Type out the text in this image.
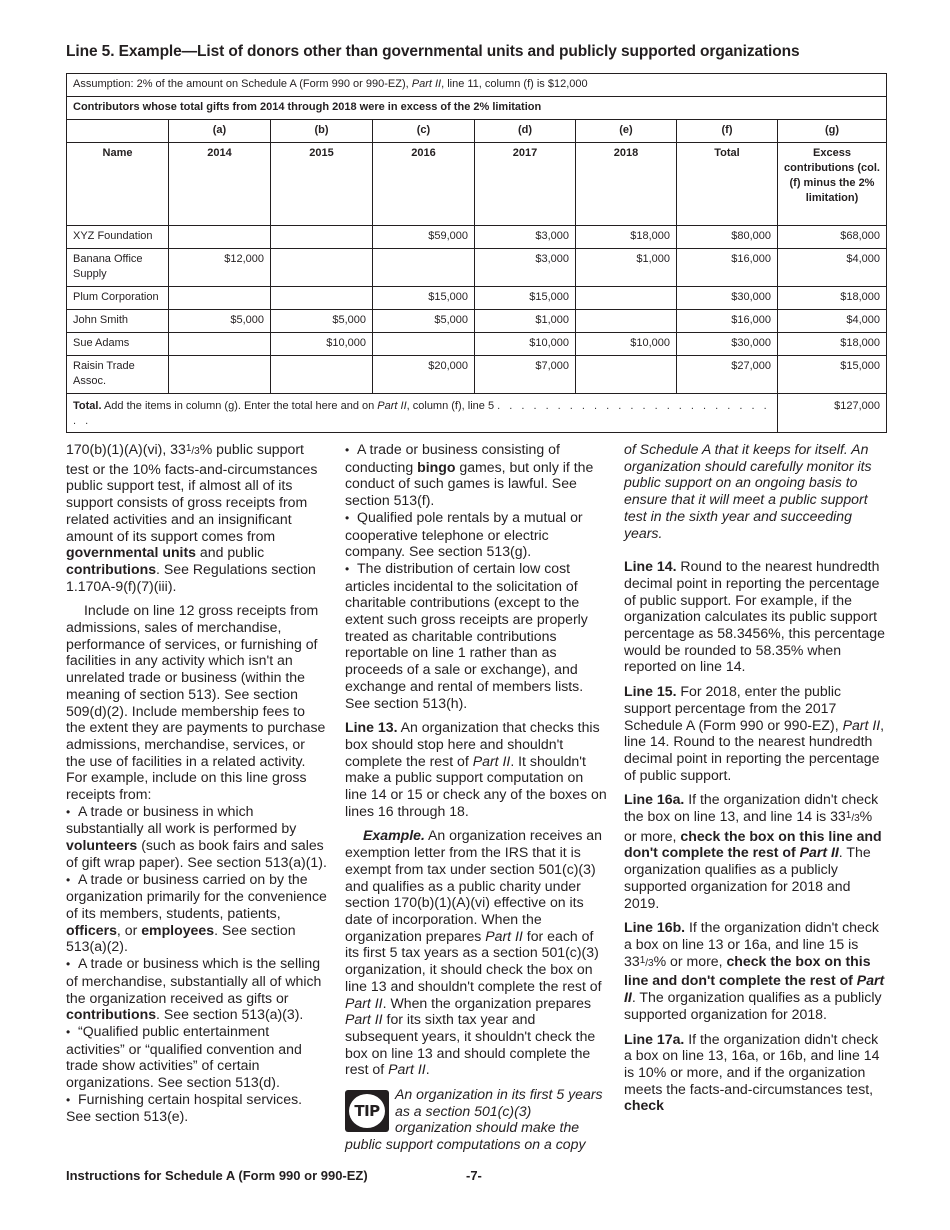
Line 5. Example—List of donors other than governmental units and publicly supported organizations
Assumption: 2% of the amount on Schedule A (Form 990 or 990-EZ), Part II, line 11, column (f) is $12,000							
Contributors whose total gifts from 2014 through 2018 were in excess of the 2% limitation							
	(a)	(b)	(c)	(d)	(e)	(f)	(g)
Name	2014	2015	2016	2017	2018	Total	Excess contributions (col. (f) minus the 2% limitation)
XYZ Foundation			$59,000	$3,000	$18,000	$80,000	$68,000
Banana Office Supply	$12,000			$3,000	$1,000	$16,000	$4,000
Plum Corporation			$15,000	$15,000		$30,000	$18,000
John Smith	$5,000	$5,000	$5,000	$1,000		$16,000	$4,000
Sue Adams		$10,000		$10,000	$10,000	$30,000	$18,000
Raisin Trade Assoc.			$20,000	$7,000		$27,000	$15,000
Total. Add the items in column (g). Enter the total here and on Part II, column (f), line 5 . . . . . . . . . . . . . . . . . . . . . . . . .							$127,000

170(b)(1)(A)(vi), $33^1/3\%$ public support test or the 10% facts-and-circumstances public support test, if almost all of its support consists of gross receipts from related activities and an insignificant amount of its support comes from governmental units and public contributions. See Regulations section 1.170A-9(f)(7)(iii).

Include on line 12 gross receipts from admissions, sales of merchandise, performance of services, or furnishing of facilities in any activity which isn't an unrelated trade or business (within the meaning of section 513). See section 509(d)(2). Include membership fees to the extent they are payments to purchase admissions, merchandise, services, or the use of facilities in a related activity. For example, include on this line gross receipts from:

• A trade or business in which substantially all work is performed by volunteers (such as book fairs and sales of gift wrap paper). See section 513(a)(1).

• A trade or business carried on by the organization primarily for the convenience of its members, students, patients, officers, or employees. See section 513(a)(2).

• A trade or business which is the selling of merchandise, substantially all of which the organization received as gifts or contributions. See section 513(a)(3).

• “Qualified public entertainment activities” or “qualified convention and trade show activities” of certain organizations. See section 513(d).

• Furnishing certain hospital services. See section 513(e).

• A trade or business consisting of conducting bingo games, but only if the conduct of such games is lawful. See section 513(f).

• Qualified pole rentals by a mutual or cooperative telephone or electric company. See section 513(g).

• The distribution of certain low cost articles incidental to the solicitation of charitable contributions (except to the extent such gross receipts are properly treated as charitable contributions reportable on line 1 rather than as proceeds of a sale or exchange), and exchange and rental of members lists. See section 513(h).

Line 13. An organization that checks this box should stop here and shouldn't complete the rest of Part II. It shouldn't make a public support computation on line 14 or 15 or check any of the boxes on lines 16 through 18.

Example. An organization receives an exemption letter from the IRS that it is exempt from tax under section 501(c)(3) and qualifies as a public charity under section 170(b)(1)(A)(vi) effective on its date of incorporation. When the organization prepares Part II for each of its first 5 tax years as a section 501(c)(3) organization, it should check the box on line 13 and shouldn't complete the rest of Part II. When the organization prepares Part II for its sixth tax year and subsequent years, it shouldn't check the box on line 13 and should complete the rest of Part II.

TIP
An organization in its first 5 years as a section 501(c)(3) organization should make the public support computations on a copy

of Schedule A that it keeps for itself. An organization should carefully monitor its public support on an ongoing basis to ensure that it will meet a public support test in the sixth year and succeeding years.

Line 14. Round to the nearest hundredth decimal point in reporting the percentage of public support. For example, if the organization calculates its public support percentage as 58.3456%, this percentage would be rounded to 58.35% when reported on line 14.

Line 15. For 2018, enter the public support percentage from the 2017 Schedule A (Form 990 or 990-EZ), Part II, line 14. Round to the nearest hundredth decimal point in reporting the percentage of public support.

Line 16a. If the organization didn't check the box on line 13, and line 14 is $33^1/3\%$ or more, check the box on this line and don't complete the rest of Part II. The organization qualifies as a publicly supported organization for 2018 and 2019.

Line 16b. If the organization didn't check a box on line 13 or 16a, and line 15 is $33^1/3\%$ or more, check the box on this line and don't complete the rest of Part II. The organization qualifies as a publicly supported organization for 2018.

Line 17a. If the organization didn't check a box on line 13, 16a, or 16b, and line 14 is 10% or more, and if the organization meets the facts-and-circumstances test, check

Instructions for Schedule A (Form 990 or 990-EZ)	-7-
